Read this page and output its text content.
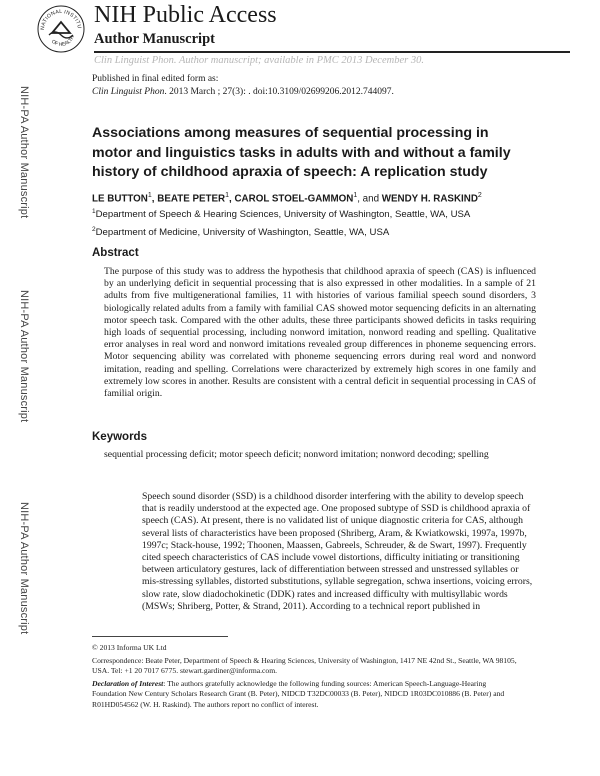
NATIONAL INSTITU
OF HEALTH
NIH Public Access
Author Manuscript
Clin Linguist Phon. Author manuscript; available in PMC 2013 December 30.
Published in final edited form as:
Clin Linguist Phon. 2013 March ; 27(3): . doi:10.3109/02699206.2012.744097.
NIH-PA Author Manuscript
NIH-PA Author Manuscript
NIH-PA Author Manuscript
Associations among measures of sequential processing in motor and linguistics tasks in adults with and without a family history of childhood apraxia of speech: A replication study
LE BUTTON$^1$, BEATE PETER$^1$, CAROL STOEL-GAMMON$^1$, and WENDY H. RASKIND$^2$
$^1$Department of Speech & Hearing Sciences, University of Washington, Seattle, WA, USA
$^2$Department of Medicine, University of Washington, Seattle, WA, USA
Abstract

The purpose of this study was to address the hypothesis that childhood apraxia of speech (CAS) is influenced by an underlying deficit in sequential processing that is also expressed in other modalities. In a sample of 21 adults from five multigenerational families, 11 with histories of various familial speech sound disorders, 3 biologically related adults from a family with familial CAS showed motor sequencing deficits in an alternating motor speech task. Compared with the other adults, these three participants showed deficits in tasks requiring high loads of sequential processing, including nonword imitation, nonword reading and spelling. Qualitative error analyses in real word and nonword imitations revealed group differences in phoneme sequencing errors. Motor sequencing ability was correlated with phoneme sequencing errors during real word and nonword imitation, reading and spelling. Correlations were characterized by extremely high scores in one family and extremely low scores in another. Results are consistent with a central deficit in sequential processing in CAS of familial origin.

Keywords

sequential processing deficit; motor speech deficit; nonword imitation; nonword decoding; spelling

Speech sound disorder (SSD) is a childhood disorder interfering with the ability to develop speech that is readily understood at the expected age. One proposed subtype of SSD is childhood apraxia of speech (CAS). At present, there is no validated list of unique diagnostic criteria for CAS, although several lists of characteristics have been proposed (Shriberg, Aram, & Kwiatkowski, 1997a, 1997b, 1997c; Stack-house, 1992; Thoonen, Maassen, Gabreels, Schreuder, & de Swart, 1997). Frequently cited speech characteristics of CAS include vowel distortions, difficulty initiating or transitioning between articulatory gestures, lack of differentiation between stressed and unstressed syllables or mis-stressing syllables, distorted substitutions, syllable segregation, schwa insertions, voicing errors, slow rate, slow diadochokinetic (DDK) rates and increased difficulty with multisyllabic words (MSWs; Shriberg, Potter, & Strand, 2011). According to a technical report published in

© 2013 Informa UK Ltd

Correspondence: Beate Peter, Department of Speech & Hearing Sciences, University of Washington, 1417 NE 42nd St., Seattle, WA 98105, USA. Tel: +1 20 7017 6775. stewart.gardiner@informa.com.

Declaration of Interest: The authors gratefully acknowledge the following funding sources: American Speech-Language-Hearing Foundation New Century Scholars Research Grant (B. Peter), NIDCD T32DC00033 (B. Peter), NIDCD 1R03DC010886 (B. Peter) and R01HD054562 (W. H. Raskind). The authors report no conflict of interest.
